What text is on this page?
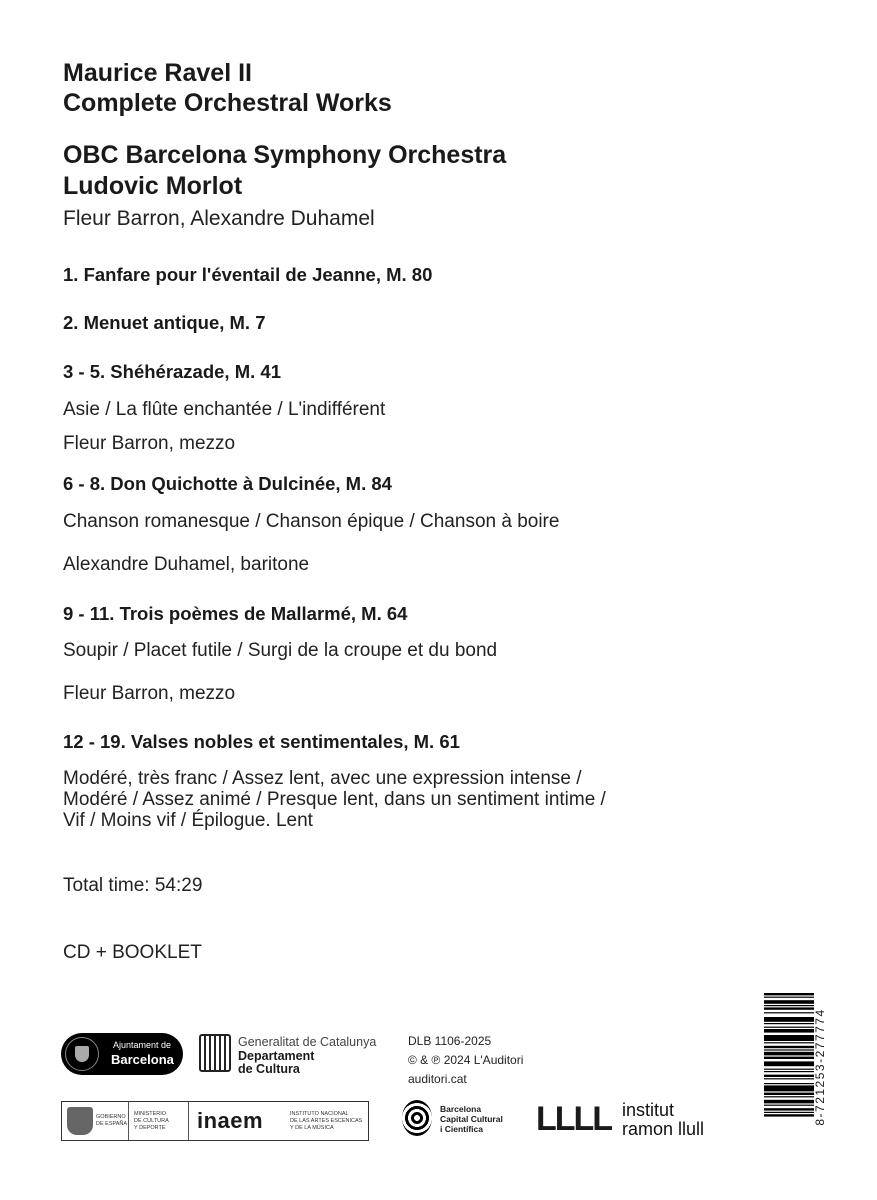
Maurice Ravel II
Complete Orchestral Works
OBC Barcelona Symphony Orchestra
Ludovic Morlot
Fleur Barron, Alexandre Duhamel
1. Fanfare pour l'éventail de Jeanne, M. 80
2. Menuet antique, M. 7
3 - 5. Shéhérazade, M. 41
Asie / La flûte enchantée / L'indifférent
Fleur Barron, mezzo
6 - 8. Don Quichotte à Dulcinée, M. 84
Chanson romanesque / Chanson épique / Chanson à boire
Alexandre Duhamel, baritone
9 - 11. Trois poèmes de Mallarmé, M. 64
Soupir / Placet futile / Surgi de la croupe et du bond
Fleur Barron, mezzo
12 - 19. Valses nobles et sentimentales, M. 61
Modéré, très franc / Assez lent, avec une expression intense /
Modéré / Assez animé / Presque lent, dans un sentiment intime /
Vif / Moins vif / Épilogue. Lent
Total time: 54:29
CD + BOOKLET
Ajuntament de
Barcelona
Generalitat de Catalunya
Departament
de Cultura
DLB 1106-2025
© & ℗ 2024 L'Auditori
auditori.cat
GOBIERNO
DE ESPAÑA
MINISTERIO
DE CULTURA
Y DEPORTE inaem	INSTITUTO NACIONAL
DE LAS ARTES ESCÉNICAS
Y DE LA MÚSICA
Barcelona
Capital Cultural
i Científica	LLLL institut
ramon llull
8-721253-277774
